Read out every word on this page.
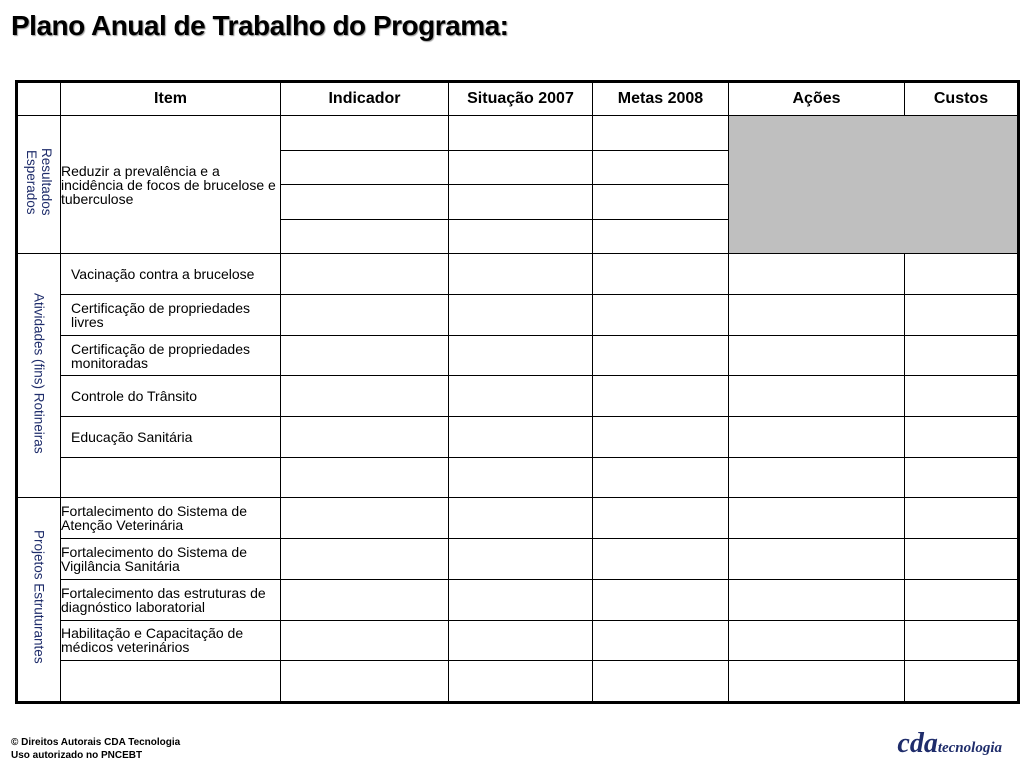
Plano Anual de Trabalho do Programa:
	Item	Indicador	Situação 2007	Metas 2008	Ações	Custos
Resultados
Esperados	Reduzir a prevalência e a incidência de focos de brucelose e tuberculose					

Atividades (fins) Rotineiras	Vacinação contra a brucelose					
	Certificação de propriedades livres					
	Certificação de propriedades monitoradas					
	Controle do Trânsito					
	Educação Sanitária					

Projetos Estruturantes	Fortalecimento do Sistema de Atenção Veterinária					
	Fortalecimento do Sistema de Vigilância Sanitária					
	Fortalecimento das estruturas de diagnóstico laboratorial					
	Habilitação e Capacitação de médicos veterinários					

© Direitos Autorais CDA Tecnologia
Uso autorizado no PNCEBT	cdatecnologia
